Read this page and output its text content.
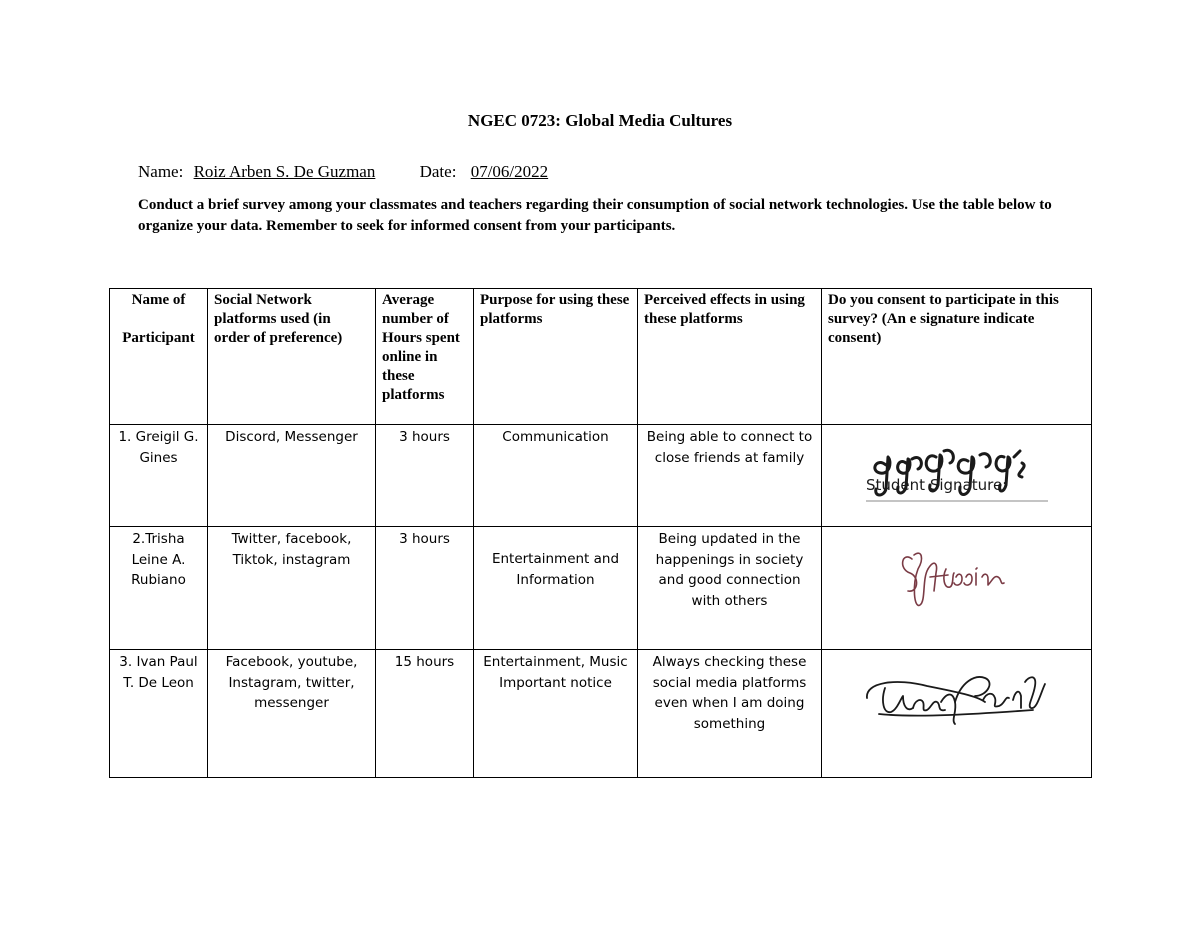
NGEC 0723: Global Media Cultures
Name: Roiz Arben S. De Guzman	Date: 07/06/2022

Conduct a brief survey among your classmates and teachers regarding their consumption of social network technologies. Use the table below to organize your data. Remember to seek for informed consent from your participants.

Name of

Participant	Social Network platforms used (in order of preference)	Average number of Hours spent online in these platforms	Purpose for using these platforms	Perceived effects in using these platforms	Do you consent to participate in this survey? (An e signature indicate consent)
1. Greigil G. Gines	Discord, Messenger	3 hours	Communication	Being able to connect to close friends at family	Student Signature:

2.Trisha Leine A. Rubiano	Twitter, facebook, Tiktok, instagram	3 hours	Entertainment and Information	Being updated in the happenings in society and good connection with others	

3. Ivan Paul T. De Leon	Facebook, youtube, Instagram, twitter, messenger	15 hours	Entertainment, Music Important notice	Always checking these social media platforms even when I am doing something	
